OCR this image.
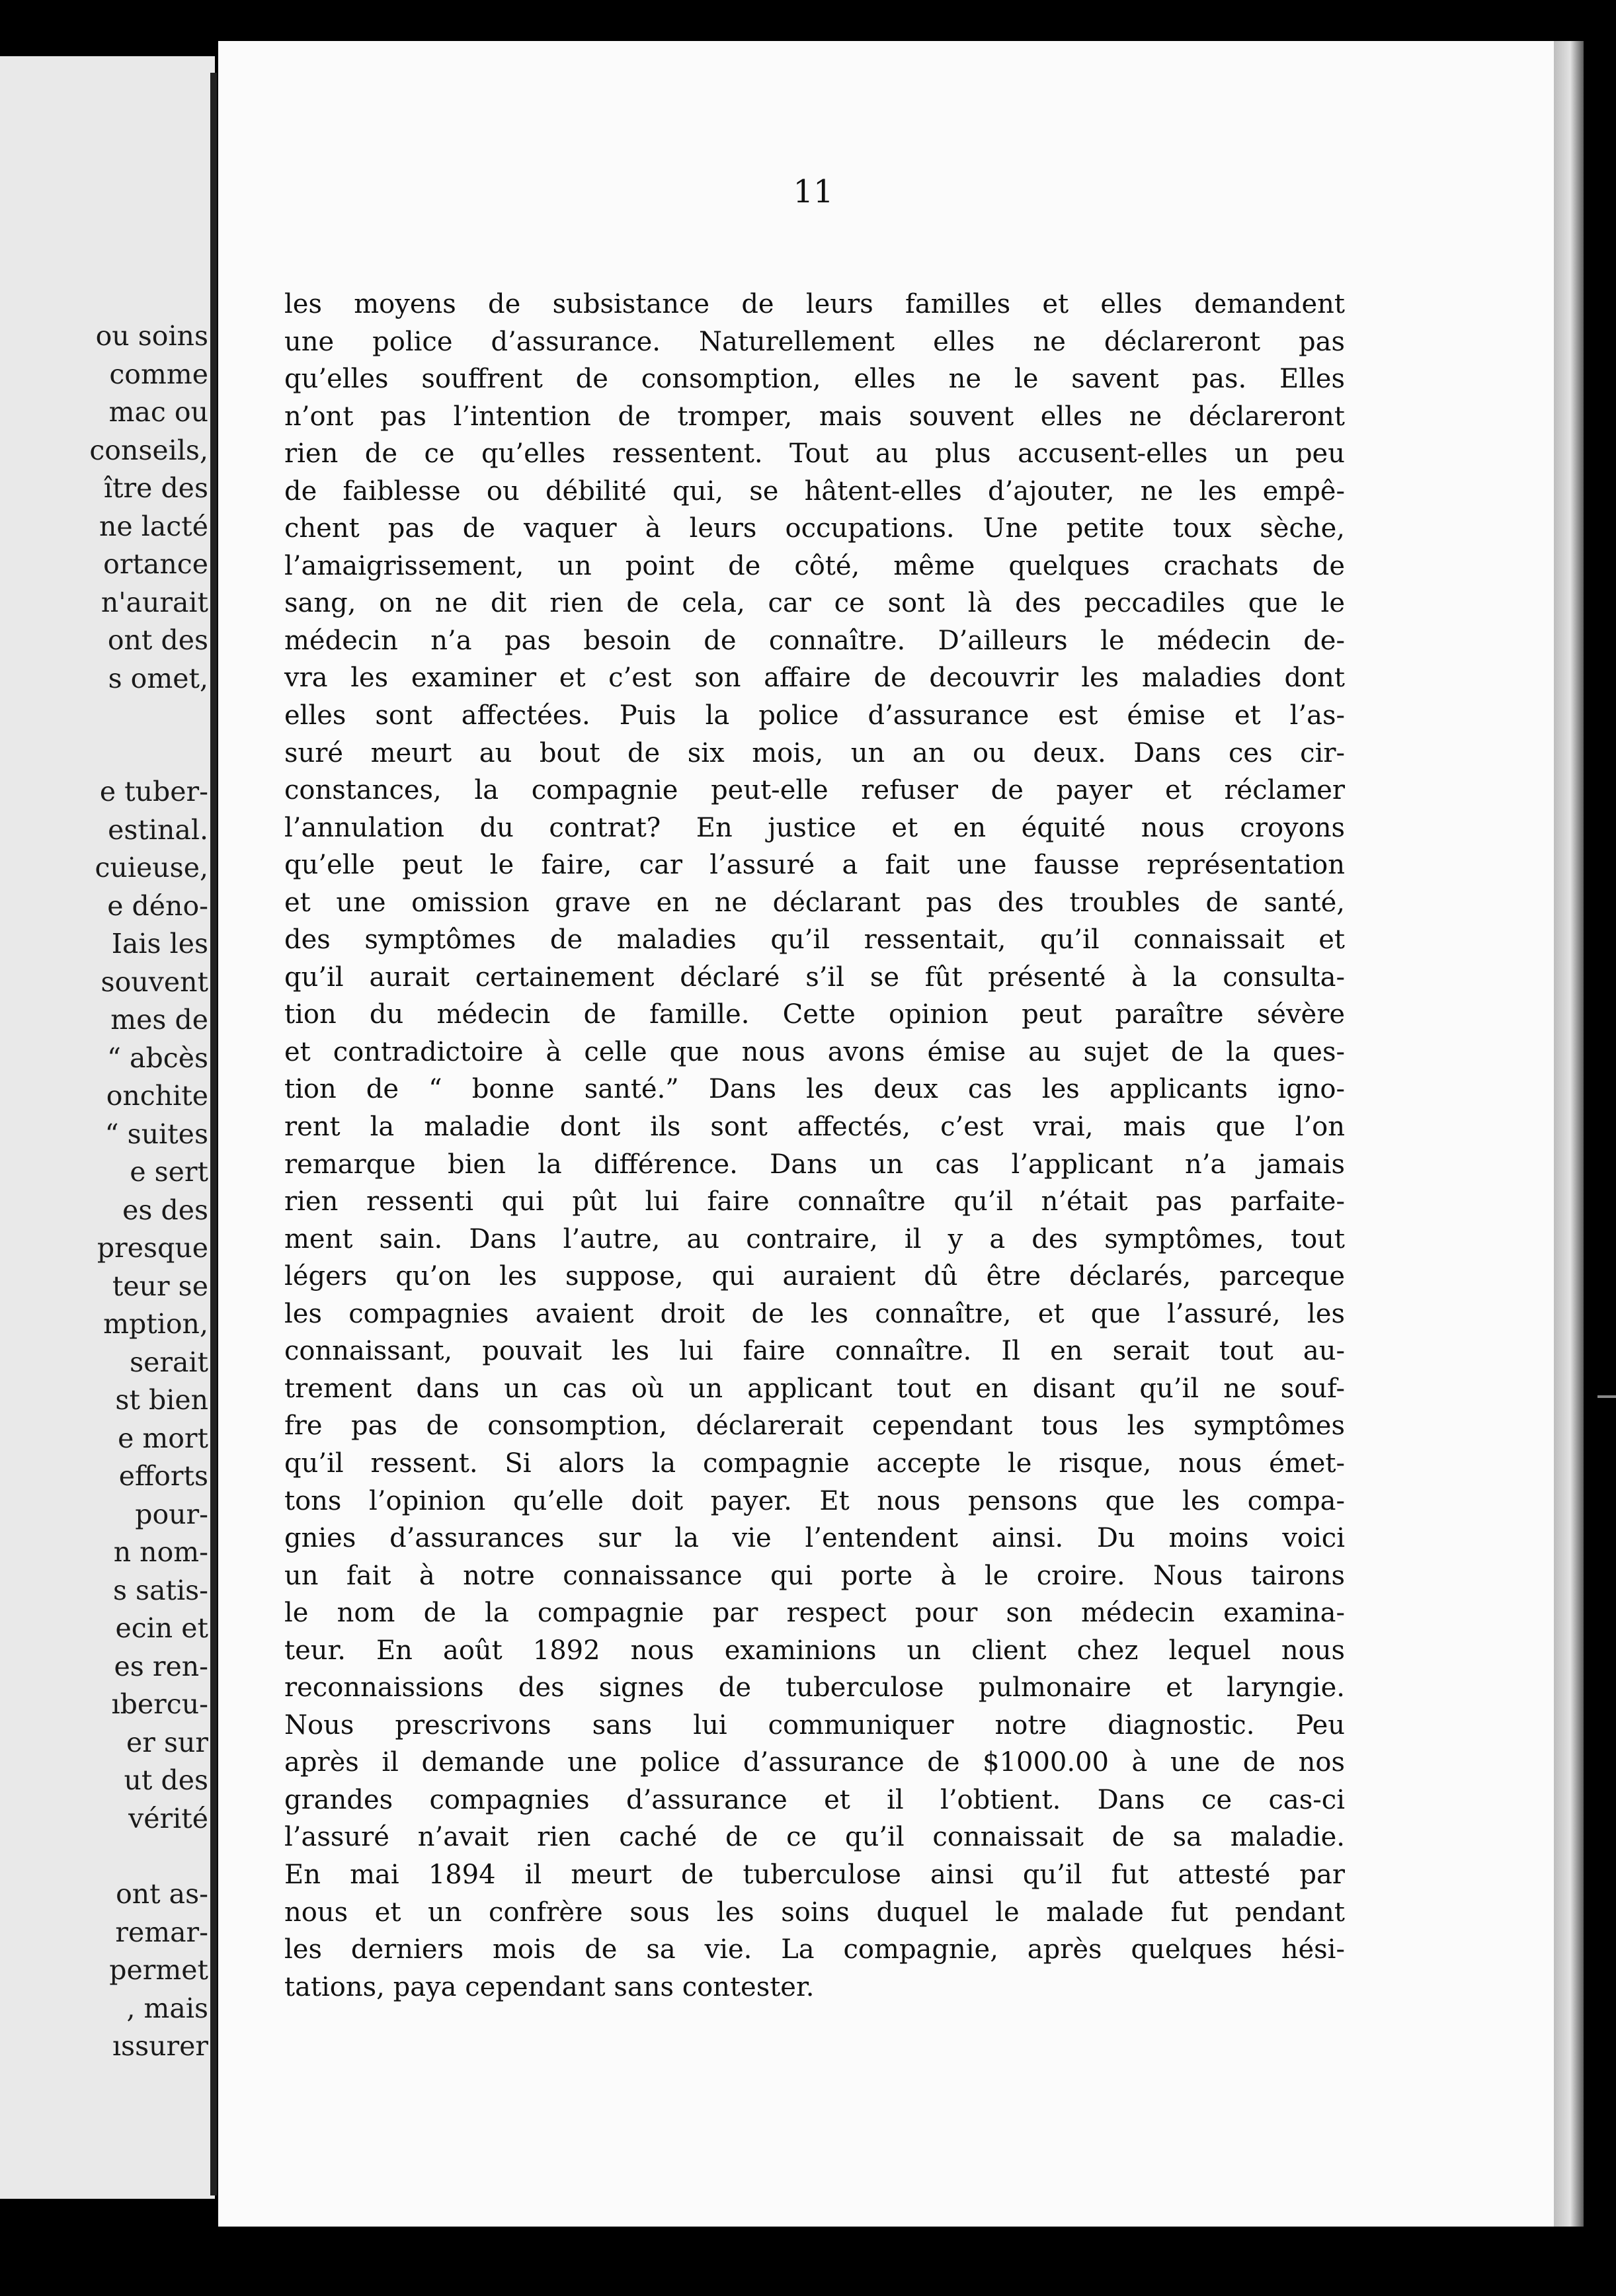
ou soins
comme
mac ou
conseils,
ître des
ne lacté
ortance
n'aurait
ont des
s omet,
e tuber-
estinal.
cuieuse,
e déno-
Iais les
souvent
mes de
“ abcès
onchite
“ suites
e sert
es des
presque
teur se
mption,
serait
st bien
e mort
efforts
pour-
n nom-
s satis-
ecin et
es ren-
ıbercu-
er sur
ut des
vérité
ont as-
remar-
permet
, mais
ıssurer
11
les moyens de subsistance de leurs familles et elles demandent
une police d’assurance. Naturellement elles ne déclareront pas
qu’elles souffrent de consomption, elles ne le savent pas. Elles
n’ont pas l’intention de tromper, mais souvent elles ne déclareront
rien de ce qu’elles ressentent. Tout au plus accusent-elles un peu
de faiblesse ou débilité qui, se hâtent-elles d’ajouter, ne les empê-
chent pas de vaquer à leurs occupations. Une petite toux sèche,
l’amaigrissement, un point de côté, même quelques crachats de
sang, on ne dit rien de cela, car ce sont là des peccadiles que le
médecin n’a pas besoin de connaître. D’ailleurs le médecin de-
vra les examiner et c’est son affaire de decouvrir les maladies dont
elles sont affectées. Puis la police d’assurance est émise et l’as-
suré meurt au bout de six mois, un an ou deux. Dans ces cir-
constances, la compagnie peut-elle refuser de payer et réclamer
l’annulation du contrat? En justice et en équité nous croyons
qu’elle peut le faire, car l’assuré a fait une fausse représentation
et une omission grave en ne déclarant pas des troubles de santé,
des symptômes de maladies qu’il ressentait, qu’il connaissait et
qu’il aurait certainement déclaré s’il se fût présenté à la consulta-
tion du médecin de famille. Cette opinion peut paraître sévère
et contradictoire à celle que nous avons émise au sujet de la ques-
tion de “ bonne santé.” Dans les deux cas les applicants igno-
rent la maladie dont ils sont affectés, c’est vrai, mais que l’on
remarque bien la différence. Dans un cas l’applicant n’a jamais
rien ressenti qui pût lui faire connaître qu’il n’était pas parfaite-
ment sain. Dans l’autre, au contraire, il y a des symptômes, tout
légers qu’on les suppose, qui auraient dû être déclarés, parceque
les compagnies avaient droit de les connaître, et que l’assuré, les
connaissant, pouvait les lui faire connaître. Il en serait tout au-
trement dans un cas où un applicant tout en disant qu’il ne souf-
fre pas de consomption, déclarerait cependant tous les symptômes
qu’il ressent. Si alors la compagnie accepte le risque, nous émet-
tons l’opinion qu’elle doit payer. Et nous pensons que les compa-
gnies d’assurances sur la vie l’entendent ainsi. Du moins voici
un fait à notre connaissance qui porte à le croire. Nous tairons
le nom de la compagnie par respect pour son médecin examina-
teur. En août 1892 nous examinions un client chez lequel nous
reconnaissions des signes de tuberculose pulmonaire et laryngie.
Nous prescrivons sans lui communiquer notre diagnostic. Peu
après il demande une police d’assurance de $1000.00 à une de nos
grandes compagnies d’assurance et il l’obtient. Dans ce cas-ci
l’assuré n’avait rien caché de ce qu’il connaissait de sa maladie.
En mai 1894 il meurt de tuberculose ainsi qu’il fut attesté par
nous et un confrère sous les soins duquel le malade fut pendant
les derniers mois de sa vie. La compagnie, après quelques hési-
tations, paya cependant sans contester.
